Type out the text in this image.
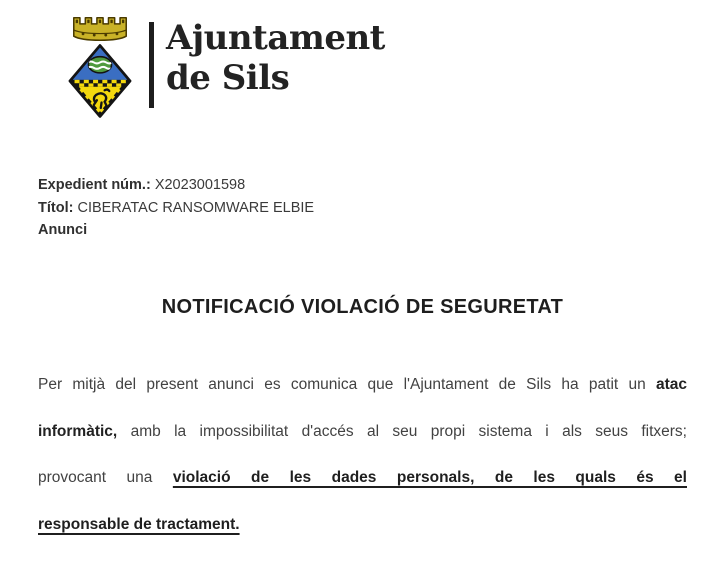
Ajuntament
de Sils
Expedient núm.: X2023001598
Títol: CIBERATAC RANSOMWARE ELBIE
Anunci
NOTIFICACIÓ VIOLACIÓ DE SEGURETAT
Per mitjà del present anunci es comunica que l'Ajuntament de Sils ha patit un atac
informàtic, amb la impossibilitat d'accés al seu propi sistema i als seus fitxers;
provocant una violació de les dades personals, de les quals és el
responsable de tractament.
